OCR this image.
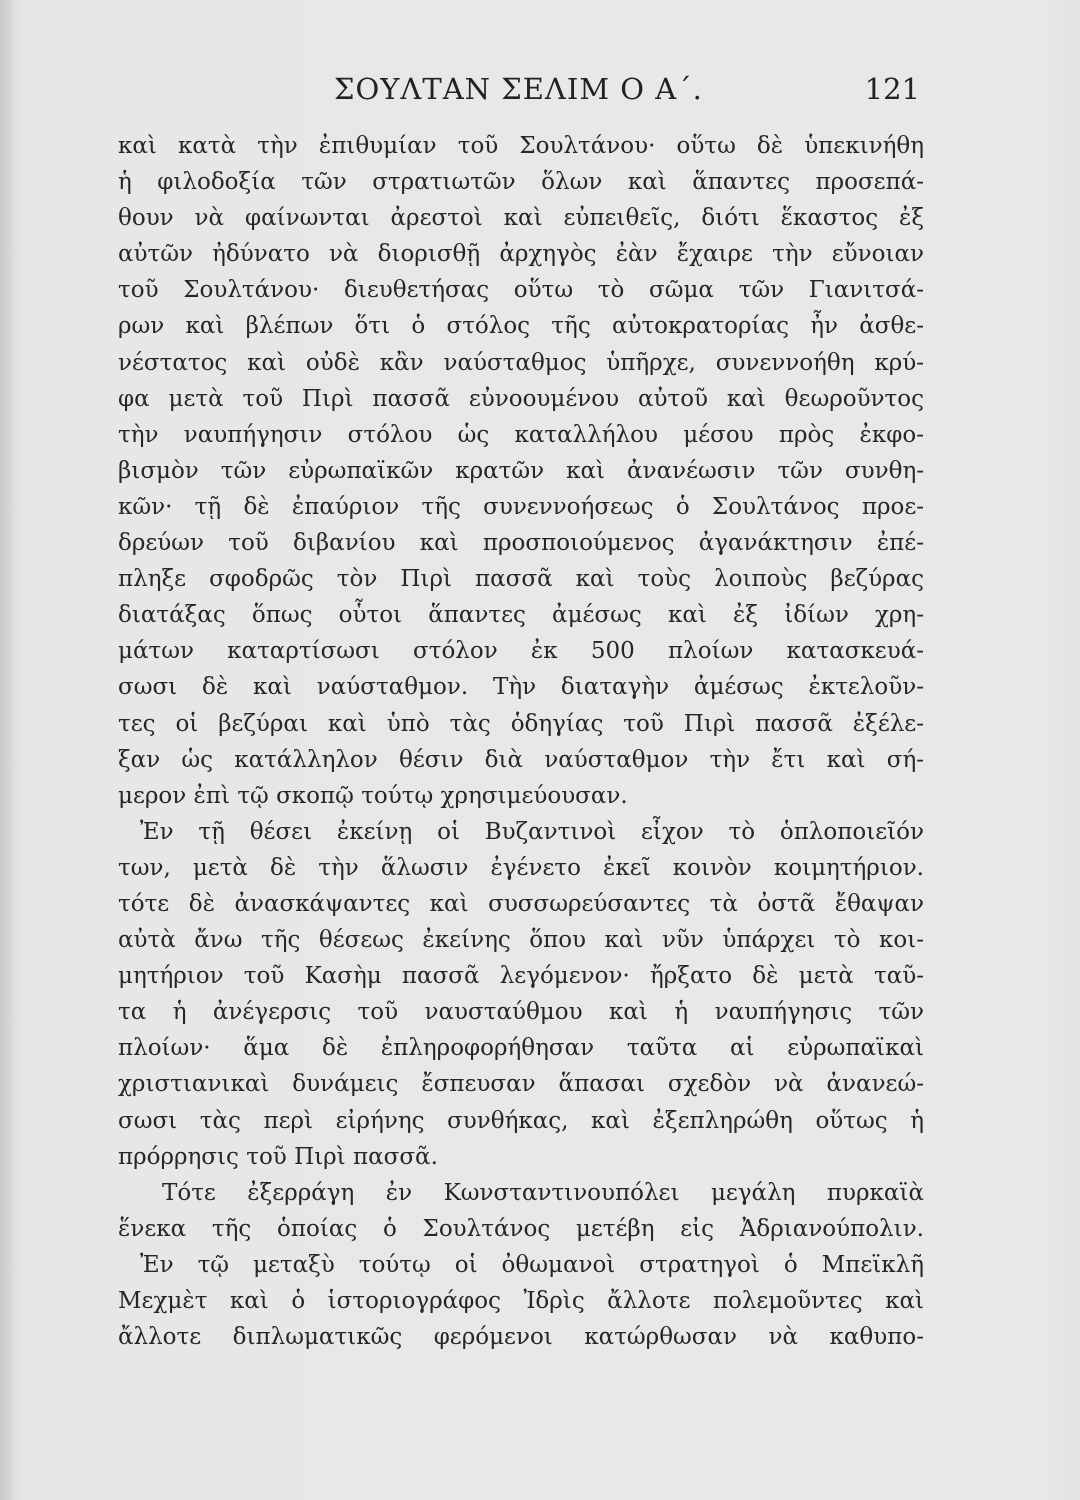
ΣΟΥΛΤΑΝ ΣΕΛΙΜ Ο Α΄.	121
καὶ κατὰ τὴν ἐπιθυμίαν τοῦ Σουλτάνου· οὕτω δὲ ὑπεκινήθη
ἡ φιλοδοξία τῶν στρατιωτῶν ὅλων καὶ ἅπαντες προσεπά-
θουν νὰ φαίνωνται ἀρεστοὶ καὶ εὐπειθεῖς, διότι ἕκαστος ἐξ
αὐτῶν ἠδύνατο νὰ διορισθῇ ἀρχηγὸς ἐὰν ἔχαιρε τὴν εὔνοιαν
τοῦ Σουλτάνου· διευθετήσας οὕτω τὸ σῶμα τῶν Γιανιτσά-
ρων καὶ βλέπων ὅτι ὁ στόλος τῆς αὐτοκρατορίας ἦν ἀσθε-
νέστατος καὶ οὐδὲ κἂν ναύσταθμος ὑπῆρχε, συνεννοήθη κρύ-
φα μετὰ τοῦ Πιρὶ πασσᾶ εὐνοουμένου αὐτοῦ καὶ θεωροῦντος
τὴν ναυπήγησιν στόλου ὡς καταλλήλου μέσου πρὸς ἐκφο-
βισμὸν τῶν εὐρωπαϊκῶν κρατῶν καὶ ἀνανέωσιν τῶν συνθη-
κῶν· τῇ δὲ ἐπαύριον τῆς συνεννοήσεως ὁ Σουλτάνος προε-
δρεύων τοῦ διβανίου καὶ προσποιούμενος ἀγανάκτησιν ἐπέ-
πληξε σφοδρῶς τὸν Πιρὶ πασσᾶ καὶ τοὺς λοιποὺς βεζύρας
διατάξας ὅπως οὗτοι ἅπαντες ἀμέσως καὶ ἐξ ἰδίων χρη-
μάτων καταρτίσωσι στόλον ἐκ 500 πλοίων κατασκευά-
σωσι δὲ καὶ ναύσταθμον. Τὴν διαταγὴν ἀμέσως ἐκτελοῦν-
τες οἱ βεζύραι καὶ ὑπὸ τὰς ὁδηγίας τοῦ Πιρὶ πασσᾶ ἐξέλε-
ξαν ὡς κατάλληλον θέσιν διὰ ναύσταθμον τὴν ἔτι καὶ σή-
μερον ἐπὶ τῷ σκοπῷ τούτῳ χρησιμεύουσαν.
Ἐν τῇ θέσει ἐκείνῃ οἱ Βυζαντινοὶ εἶχον τὸ ὁπλοποιεῖόν
των, μετὰ δὲ τὴν ἅλωσιν ἐγένετο ἐκεῖ κοινὸν κοιμητήριον.
τότε δὲ ἀνασκάψαντες καὶ συσσωρεύσαντες τὰ ὀστᾶ ἔθαψαν
αὐτὰ ἄνω τῆς θέσεως ἐκείνης ὅπου καὶ νῦν ὑπάρχει τὸ κοι-
μητήριον τοῦ Κασὴμ πασσᾶ λεγόμενον· ἤρξατο δὲ μετὰ ταῦ-
τα ἡ ἀνέγερσις τοῦ ναυσταύθμου καὶ ἡ ναυπήγησις τῶν
πλοίων· ἅμα δὲ ἐπληροφορήθησαν ταῦτα αἱ εὐρωπαϊκαὶ
χριστιανικαὶ δυνάμεις ἔσπευσαν ἅπασαι σχεδὸν νὰ ἀνανεώ-
σωσι τὰς περὶ εἰρήνης συνθήκας, καὶ ἐξεπληρώθη οὕτως ἡ
πρόρρησις τοῦ Πιρὶ πασσᾶ.
Τότε ἐξερράγη ἐν Κωνσταντινουπόλει μεγάλη πυρκαϊὰ
ἕνεκα τῆς ὁποίας ὁ Σουλτάνος μετέβη εἰς Ἀδριανούπολιν.
Ἐν τῷ μεταξὺ τούτῳ οἱ ὀθωμανοὶ στρατηγοὶ ὁ Μπεϊκλῆ
Μεχμὲτ καὶ ὁ ἱστοριογράφος Ἰδρὶς ἄλλοτε πολεμοῦντες καὶ
ἄλλοτε διπλωματικῶς φερόμενοι κατώρθωσαν νὰ καθυπο-
